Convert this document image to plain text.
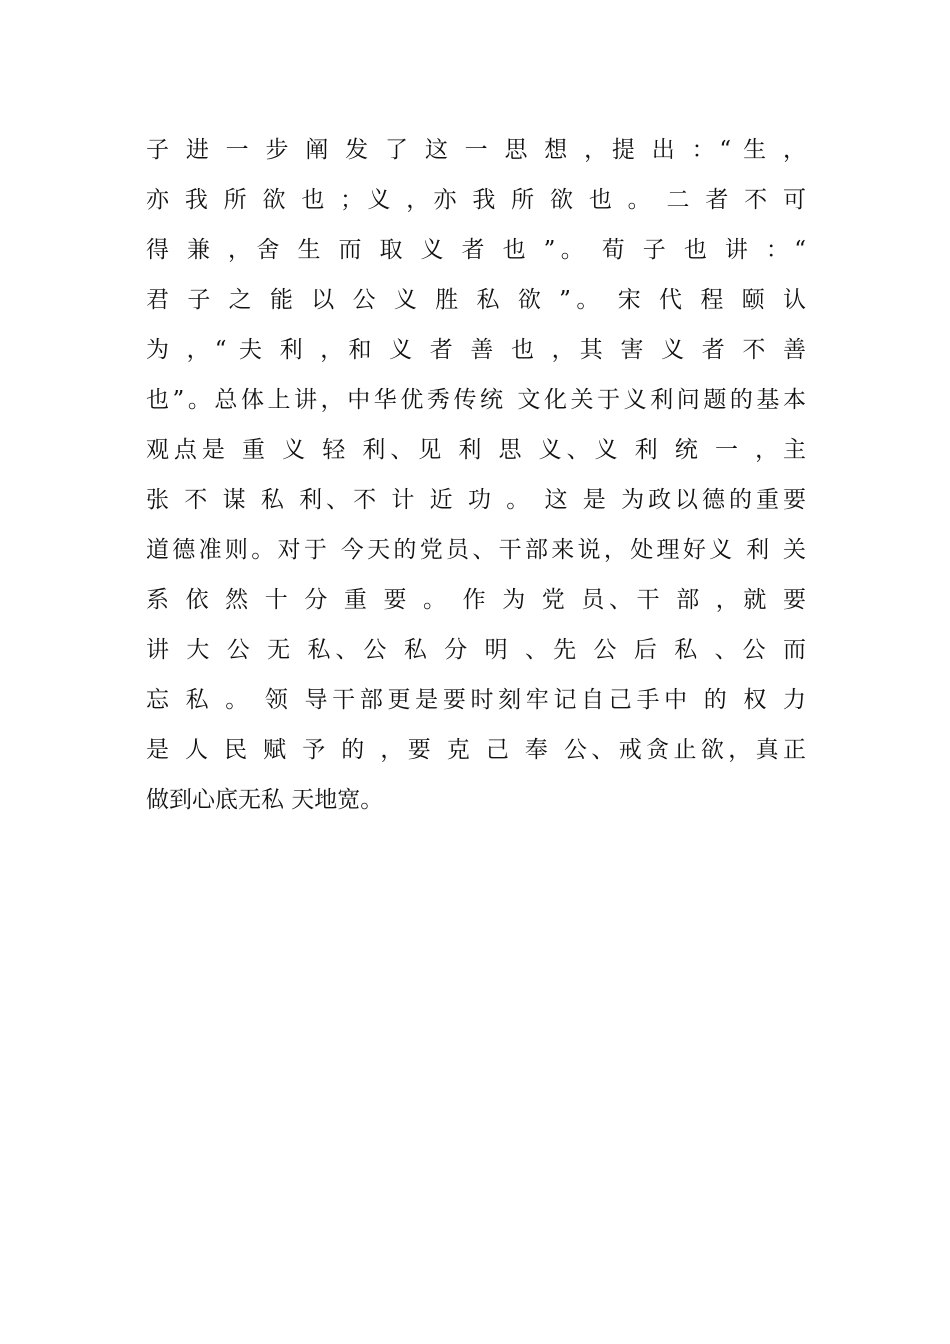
子 进 一 步 阐 发 了 这 一 思 想 ，提 出 ：“ 生 ，
亦 我 所 欲 也 ；义 ，亦 我 所 欲 也 。 二 者 不 可
得 兼 ，舍 生 而 取 义 者 也 ”。 荀 子 也 讲 ：“
君 子 之 能 以 公 义 胜 私 欲 ”。 宋 代 程 颐 认
为 ，“ 夫 利 ，和 义 者 善 也 ，其 害 义 者 不 善
也”。总体上讲，中华优秀传统 文化关于义利问题的基本
观点是 重 义 轻 利、见 利 思 义、义 利 统 一 ，主
张 不 谋 私 利、不 计 近 功 。 这 是 为政以德的重要
道德准则。对于 今天的党员、干部来说，处理好义 利 关
系 依 然 十 分 重 要 。 作 为 党 员、干 部 ，就 要
讲 大 公 无 私、公 私 分 明 、先 公 后 私 、公 而
忘 私 。 领 导干部更是要时刻牢记自己手中 的 权 力
是 人 民 赋 予 的 ，要 克 己 奉 公、戒贪止欲，真正
做到心底无私 天地宽。
